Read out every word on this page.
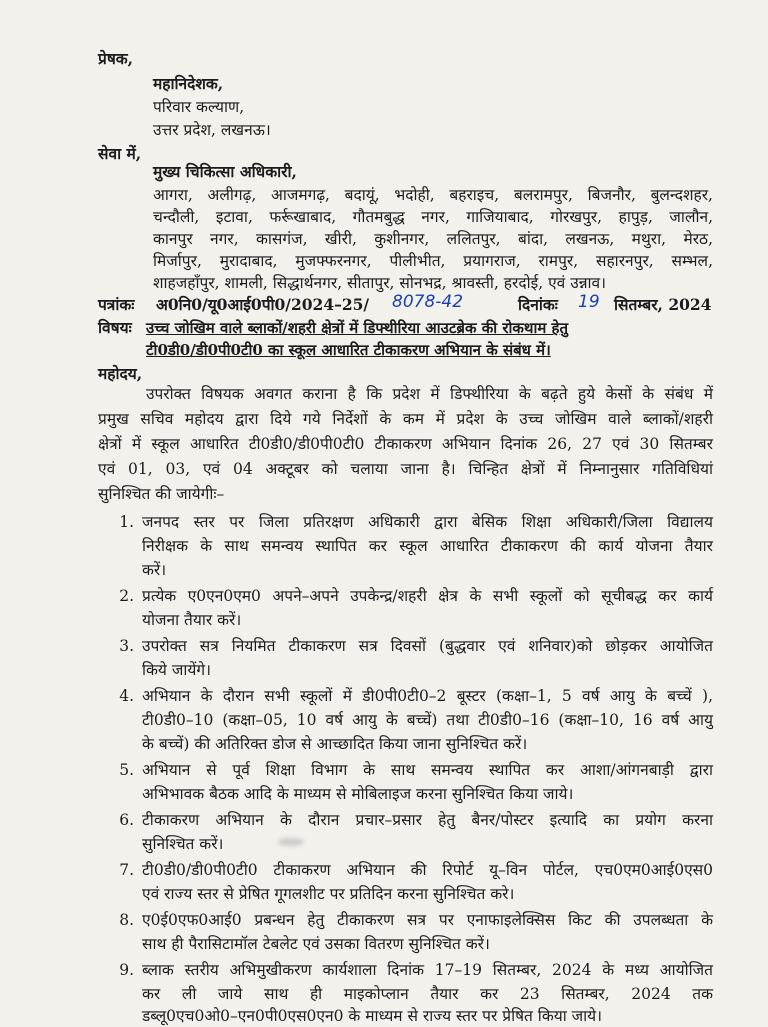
प्रेषक,
महानिदेशक,
परिवार कल्याण,
उत्तर प्रदेश, लखनऊ।
सेवा में,
मुख्य चिकित्सा अधिकारी,
आगरा, अलीगढ़, आजमगढ़, बदायूं, भदोही, बहराइच, बलरामपुर, बिजनौर, बुलन्दशहर,
चन्दौली, इटावा, फर्रूखाबाद, गौतमबुद्ध नगर, गाजियाबाद, गोरखपुर, हापुड़, जालौन,
कानपुर नगर, कासगंज, खीरी, कुशीनगर, ललितपुर, बांदा, लखनऊ, मथुरा, मेरठ,
मिर्जापुर, मुरादाबाद, मुजफ्फरनगर, पीलीभीत, प्रयागराज, रामपुर, सहारनपुर, सम्भल,
शाहजहाँपुर, शामली, सिद्धार्थनगर, सीतापुर, सोनभद्र, श्रावस्ती, हरदोई, एवं उन्नाव।
पत्रांकः अ0नि0/यू0आई0पी0/2024–25/ 8078-42	दिनांकः 19 सितम्बर, 2024
विषयः उच्च जोखिम वाले ब्लाकों/शहरी क्षेत्रों में डिफ्थीरिया आउटब्रेक की रोकथाम हेतु
टी0डी0/डी0पी0टी0 का स्कूल आधारित टीकाकरण अभियान के संबंध में।
महोदय,
उपरोक्त विषयक अवगत कराना है कि प्रदेश में डिफ्थीरिया के बढ़ते हुये केसों के संबंध में
प्रमुख सचिव महोदय द्वारा दिये गये निर्देशों के कम में प्रदेश के उच्च जोखिम वाले ब्लाकों/शहरी
क्षेत्रों में स्कूल आधारित टी0डी0/डी0पी0टी0 टीकाकरण अभियान दिनांक 26, 27 एवं 30 सितम्बर
एवं 01, 03, एवं 04 अक्टूबर को चलाया जाना है। चिन्हित क्षेत्रों में निम्नानुसार गतिविधियां
सुनिश्चित की जायेगीः–
1. जनपद स्तर पर जिला प्रतिरक्षण अधिकारी द्वारा बेसिक शिक्षा अधिकारी/जिला विद्यालय
निरीक्षक के साथ समन्वय स्थापित कर स्कूल आधारित टीकाकरण की कार्य योजना तैयार
करें।
2. प्रत्येक ए0एन0एम0 अपने–अपने उपकेन्द्र/शहरी क्षेत्र के सभी स्कूलों को सूचीबद्ध कर कार्य
योजना तैयार करें।
3. उपरोक्त सत्र नियमित टीकाकरण सत्र दिवसों (बुद्धवार एवं शनिवार)को छोड़कर आयोजित
किये जायेंगे।
4. अभियान के दौरान सभी स्कूलों में डी0पी0टी0–2 बूस्टर (कक्षा–1, 5 वर्ष आयु के बच्चें ),
टी0डी0–10 (कक्षा–05, 10 वर्ष आयु के बच्चें) तथा टी0डी0–16 (कक्षा–10, 16 वर्ष आयु
के बच्चें) की अतिरिक्त डोज से आच्छादित किया जाना सुनिश्चित करें।
5. अभियान से पूर्व शिक्षा विभाग के साथ समन्वय स्थापित कर आशा/आंगनबाड़ी द्वारा
अभिभावक बैठक आदि के माध्यम से मोबिलाइज करना सुनिश्चित किया जाये।
6. टीकाकरण अभियान के दौरान प्रचार–प्रसार हेतु बैनर/पोस्टर इत्यादि का प्रयोग करना
सुनिश्चित करें।
7. टी0डी0/डी0पी0टी0 टीकाकरण अभियान की रिपोर्ट यू–विन पोर्टल, एच0एम0आई0एस0
एवं राज्य स्तर से प्रेषित गूगलशीट पर प्रतिदिन करना सुनिश्चित करे।
8. ए0ई0एफ0आई0 प्रबन्धन हेतु टीकाकरण सत्र पर एनाफाइलेक्सिस किट की उपलब्धता के
साथ ही पैरासिटामॉल टेबलेट एवं उसका वितरण सुनिश्चित करें।
9. ब्लाक स्तरीय अभिमुखीकरण कार्यशाला दिनांक 17–19 सितम्बर, 2024 के मध्य आयोजित
कर ली जाये साथ ही माइकोप्लान तैयार कर 23 सितम्बर, 2024 तक
डब्लू0एच0ओ0–एन0पी0एस0एन0 के माध्यम से राज्य स्तर पर प्रेषित किया जाये।
